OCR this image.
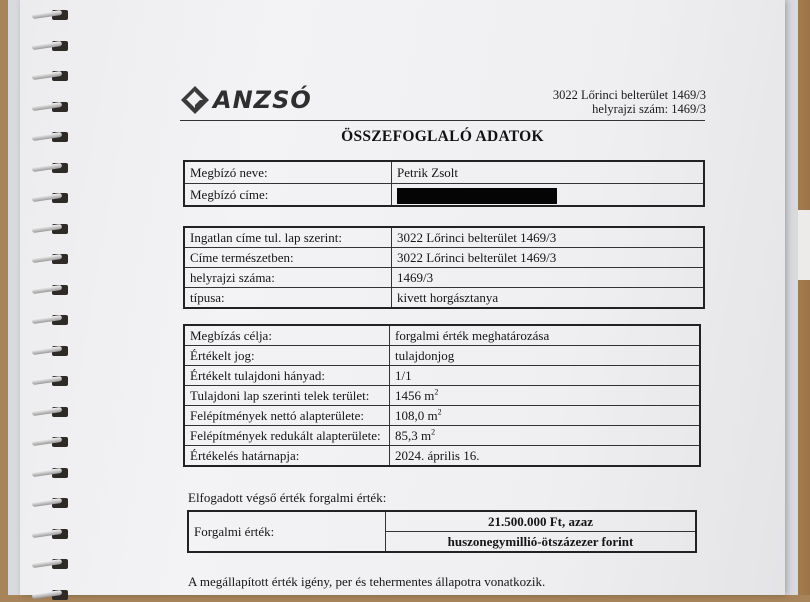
ANZSÓ	3022 Lőrinci belterület 1469/3
helyrajzi szám: 1469/3
ÖSSZEFOGLALÓ ADATOK
Megbízó neve:	Petrik Zsolt
Megbízó címe:	
Ingatlan címe tul. lap szerint:	3022 Lőrinci belterület 1469/3
Címe természetben:	3022 Lőrinci belterület 1469/3
helyrajzi száma:	1469/3
típusa:	kivett horgásztanya
Megbízás célja:	forgalmi érték meghatározása
Értékelt jog:	tulajdonjog
Értékelt tulajdoni hányad:	1/1
Tulajdoni lap szerinti telek terület:	1456 $m^2$
Felépítmények nettó alapterülete:	108,0 $m^2$
Felépítmények redukált alapterülete:	85,3 $m^2$
Értékelés határnapja:	2024. április 16.
Elfogadott végső érték forgalmi érték:
Forgalmi érték:	21.500.000 Ft, azaz
huszonegymillió-ötszázezer forint
A megállapított érték igény, per és tehermentes állapotra vonatkozik.
